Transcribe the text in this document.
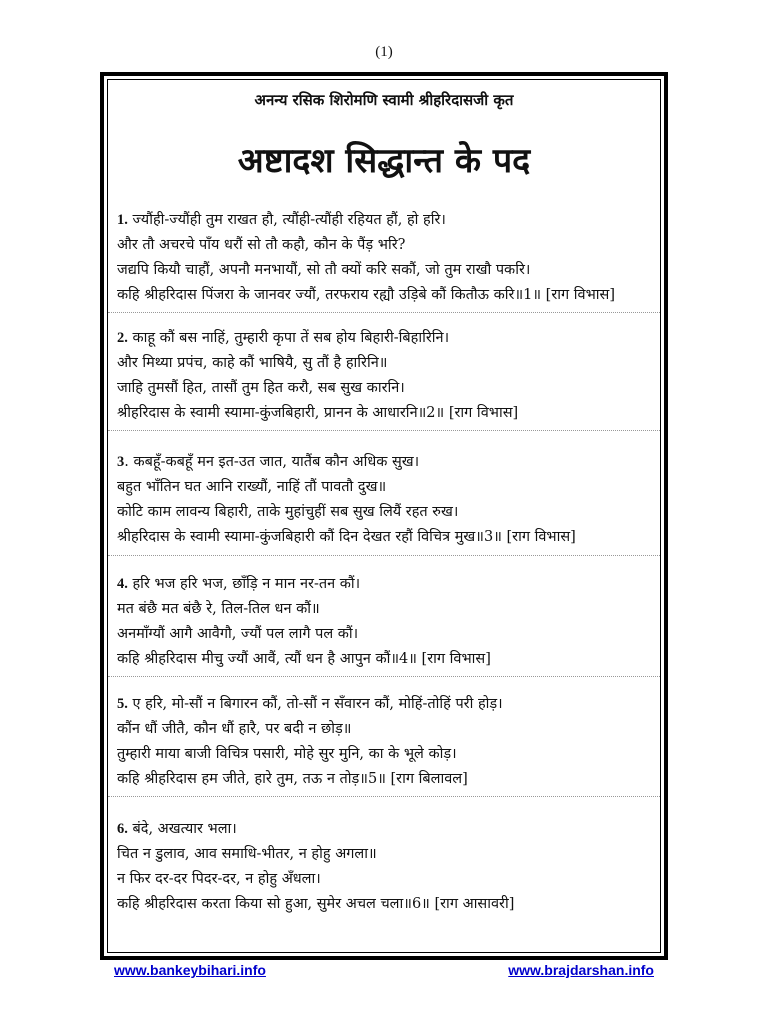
(1)
अनन्य रसिक शिरोमणि स्वामी श्रीहरिदासजी कृत
अष्टादश सिद्धान्त के पद
1. ज्यौंही-ज्यौंही तुम राखत हौ, त्यौंही-त्यौंही रहियत हौं, हो हरि।
और तौ अचरचे पाँय धरौं सो तौ कहौ, कौन के पैंड़ भरि?
जद्यपि कियौ चाहौं, अपनौ मनभायौं, सो तौ क्यों करि सकौं, जो तुम राखौ पकरि।
कहि श्रीहरिदास पिंजरा के जानवर ज्यौं, तरफराय रह्यौ उड़िबे कौं कितौऊ करि॥1॥ [राग विभास]
2. काहू कौं बस नाहिं, तुम्हारी कृपा तें सब होय बिहारी-बिहारिनि।
और मिथ्या प्रपंच, काहे कौं भाषियै, सु तौं है हारिनि॥
जाहि तुमसौं हित, तासौं तुम हित करौ, सब सुख कारनि।
श्रीहरिदास के स्वामी स्यामा-कुंजबिहारी, प्रानन के आधारनि॥2॥ [राग विभास]
3. कबहूँ-कबहूँ मन इत-उत जात, यातैंब कौन अधिक सुख।
बहुत भाँतिन घत आनि राख्यौं, नाहिं तौं पावतौ दुख॥
कोटि काम लावन्य बिहारी, ताके मुहांचुहीं सब सुख लियैं रहत रुख।
श्रीहरिदास के स्वामी स्यामा-कुंजबिहारी कौं दिन देखत रहौं विचित्र मुख॥3॥ [राग विभास]
4. हरि भज हरि भज, छाँड़ि न मान नर-तन कौं।
मत बंछै मत बंछै रे, तिल-तिल धन कौं॥
अनमाँग्यौं आगै आवैगौ, ज्यौं पल लागै पल कौं।
कहि श्रीहरिदास मीचु ज्यौं आवैं, त्यौं धन है आपुन कौं॥4॥ [राग विभास]
5. ए हरि, मो-सौं न बिगारन कौं, तो-सौं न सँवारन कौं, मोहिं-तोहिं परी होड़।
कौंन धौं जीतै, कौन धौं हारै, पर बदी न छोड़॥
तुम्हारी माया बाजी विचित्र पसारी, मोहे सुर मुनि, का के भूले कोड़।
कहि श्रीहरिदास हम जीते, हारे तुम, तऊ न तोड़॥5॥ [राग बिलावल]
6. बंदे, अखत्यार भला।
चित न डुलाव, आव समाधि-भीतर, न होहु अगला॥
न फिर दर-दर पिदर-दर, न होहु अँधला।
कहि श्रीहरिदास करता किया सो हुआ, सुमेर अचल चला॥6॥ [राग आसावरी]
www.bankeybihari.info	www.brajdarshan.info
